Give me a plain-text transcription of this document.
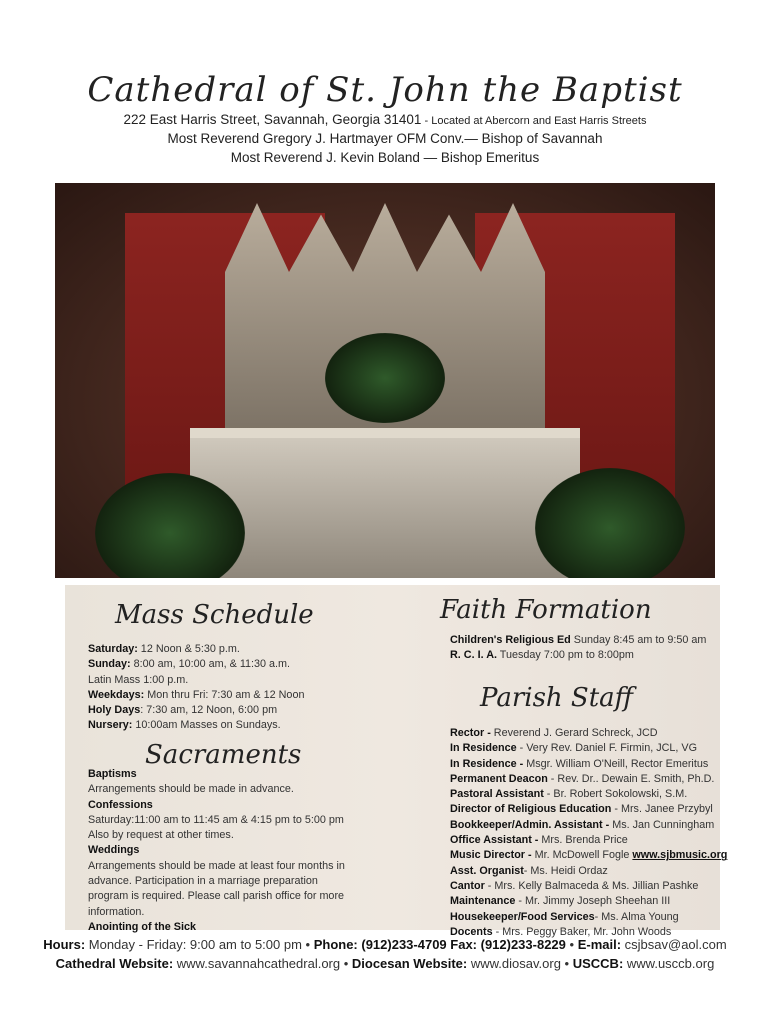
Cathedral of St. John the Baptist
222 East Harris Street, Savannah, Georgia 31401 - Located at Abercorn and East Harris Streets
Most Reverend Gregory J. Hartmayer OFM Conv.— Bishop of Savannah
Most Reverend J. Kevin Boland — Bishop Emeritus
Mass Schedule
Saturday: 12 Noon & 5:30 p.m.
Sunday: 8:00 am, 10:00 am, & 11:30 a.m.
Latin Mass 1:00 p.m.
Weekdays: Mon thru Fri: 7:30 am & 12 Noon
Holy Days: 7:30 am, 12 Noon, 6:00 pm
Nursery: 10:00am Masses on Sundays.
Sacraments
Baptisms
Arrangements should be made in advance.
Confessions
Saturday:11:00 am to 11:45 am & 4:15 pm to 5:00 pm
Also by request at other times.
Weddings
Arrangements should be made at least four months in
advance. Participation in a marriage preparation
program is required. Please call parish office for more
information.
Anointing of the Sick
Faith Formation
Children's Religious Ed Sunday 8:45 am to 9:50 am
R. C. I. A. Tuesday 7:00 pm to 8:00pm
Parish Staff
Rector - Reverend J. Gerard Schreck, JCD
In Residence - Very Rev. Daniel F. Firmin, JCL, VG
In Residence - Msgr. William O'Neill, Rector Emeritus
Permanent Deacon - Rev. Dr.. Dewain E. Smith, Ph.D.
Pastoral Assistant - Br. Robert Sokolowski, S.M.
Director of Religious Education - Mrs. Janee Przybyl
Bookkeeper/Admin. Assistant - Ms. Jan Cunningham
Office Assistant - Mrs. Brenda Price
Music Director - Mr. McDowell Fogle www.sjbmusic.org
Asst. Organist- Ms. Heidi Ordaz
Cantor - Mrs. Kelly Balmaceda & Ms. Jillian Pashke
Maintenance - Mr. Jimmy Joseph Sheehan III
Housekeeper/Food Services- Ms. Alma Young
Docents - Mrs. Peggy Baker, Mr. John Woods
Hours: Monday - Friday: 9:00 am to 5:00 pm • Phone: (912)233-4709 Fax: (912)233-8229 • E-mail: csjbsav@aol.com
Cathedral Website: www.savannahcathedral.org • Diocesan Website: www.diosav.org • USCCB: www.usccb.org
